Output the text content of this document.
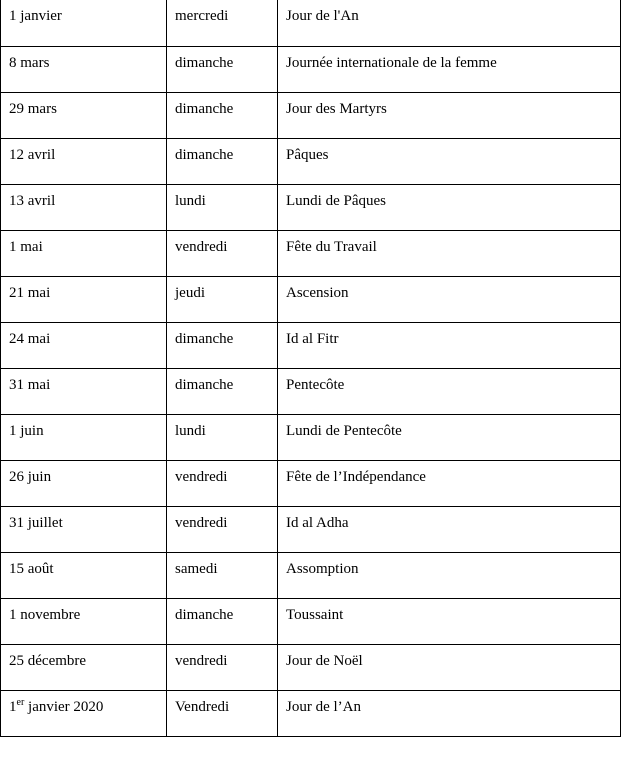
1 janvier	mercredi	Jour de l'An
8 mars	dimanche	Journée internationale de la femme
29 mars	dimanche	Jour des Martyrs
12 avril	dimanche	Pâques
13 avril	lundi	Lundi de Pâques
1 mai	vendredi	Fête du Travail
21 mai	jeudi	Ascension
24 mai	dimanche	Id al Fitr
31 mai	dimanche	Pentecôte
1 juin	lundi	Lundi de Pentecôte
26 juin	vendredi	Fête de l’Indépendance
31 juillet	vendredi	Id al Adha
15 août	samedi	Assomption
1 novembre	dimanche	Toussaint
25 décembre	vendredi	Jour de Noël
1er janvier 2020	Vendredi	Jour de l’An
